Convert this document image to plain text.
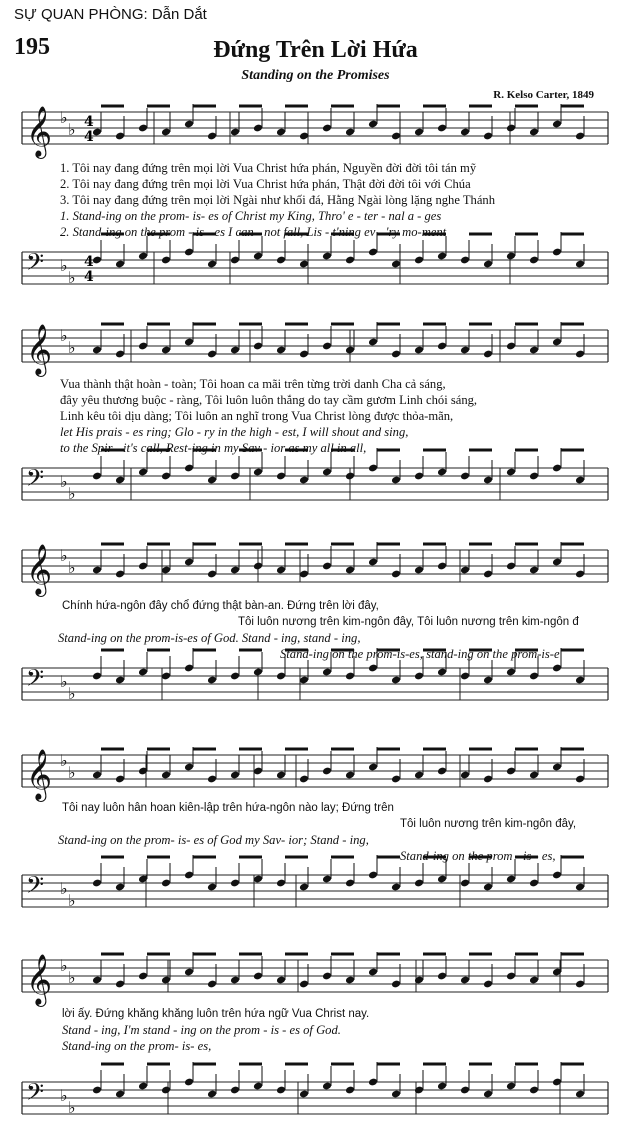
SỰ QUAN PHÒNG: Dẫn Dắt
195	Đứng Trên Lời Hứa
Standing on the Promises
R. Kelso Carter, 1849
𝄞 ♭
♭
𝄢 ♭
♭
𝄞 ♭
♭
𝄢 ♭
♭
𝄞 ♭
♭
𝄢 ♭
♭
𝄞 ♭
♭
𝄢 ♭
♭
𝄞 ♭
♭
𝄢 ♭
♭
4
4
4
4
1. Tôi nay đang đứng trên mọi lời Vua Christ hứa phán, Nguyền đời đời tôi tán mỹ
2. Tôi nay đang đứng trên mọi lời Vua Christ hứa phán, Thật đời đời tôi với Chúa
3. Tôi nay đang đứng trên mọi lời Ngài như khối đá, Hằng Ngài lòng lặng nghe Thánh
1. Stand-ing on the prom- is- es of Christ my King, Thro' e - ter - nal a - ges
2. Stand-ing on the prom - is - es I can - not fall, Lis - t'ning ev - 'ry mo-ment
Vua thành thật hoàn - toàn; Tôi hoan ca mãi trên từng trời danh Cha cả sáng,
đây yêu thương buộc - ràng, Tôi luôn luôn thắng do tay cầm gươm Linh chói sáng,
Linh kêu tôi dịu dàng; Tôi luôn an nghĩ trong Vua Christ lòng được thỏa-mãn,
let His prais - es ring; Glo - ry in the high - est, I will shout and sing,
to the Spir - it's call, Rest-ing in my Sav - ior as my all in all,
Chính hứa-ngôn đây chổ đứng thật bàn-an. Đứng trên lời đây,
Tôi luôn nương trên kim-ngôn đây, Tôi luôn nương trên kim-ngôn đ
Stand-ing on the prom-is-es of God. Stand - ing, stand - ing,
Stand-ing on the prom-is-es, stand-ing on the prom-is-e
Tôi nay luôn hân hoan kiên-lập trên hứa-ngôn nào lay; Đứng trên
Tôi luôn nương trên kim-ngôn đây,
Stand-ing on the prom- is- es of God my Sav- ior; Stand - ing,
Stand-ing on the prom - is - es,
lời ấy. Đứng khăng khăng luôn trên hứa ngữ Vua Christ nay.
Stand - ing, I'm stand - ing on the prom - is - es of God.
Stand-ing on the prom- is- es,
